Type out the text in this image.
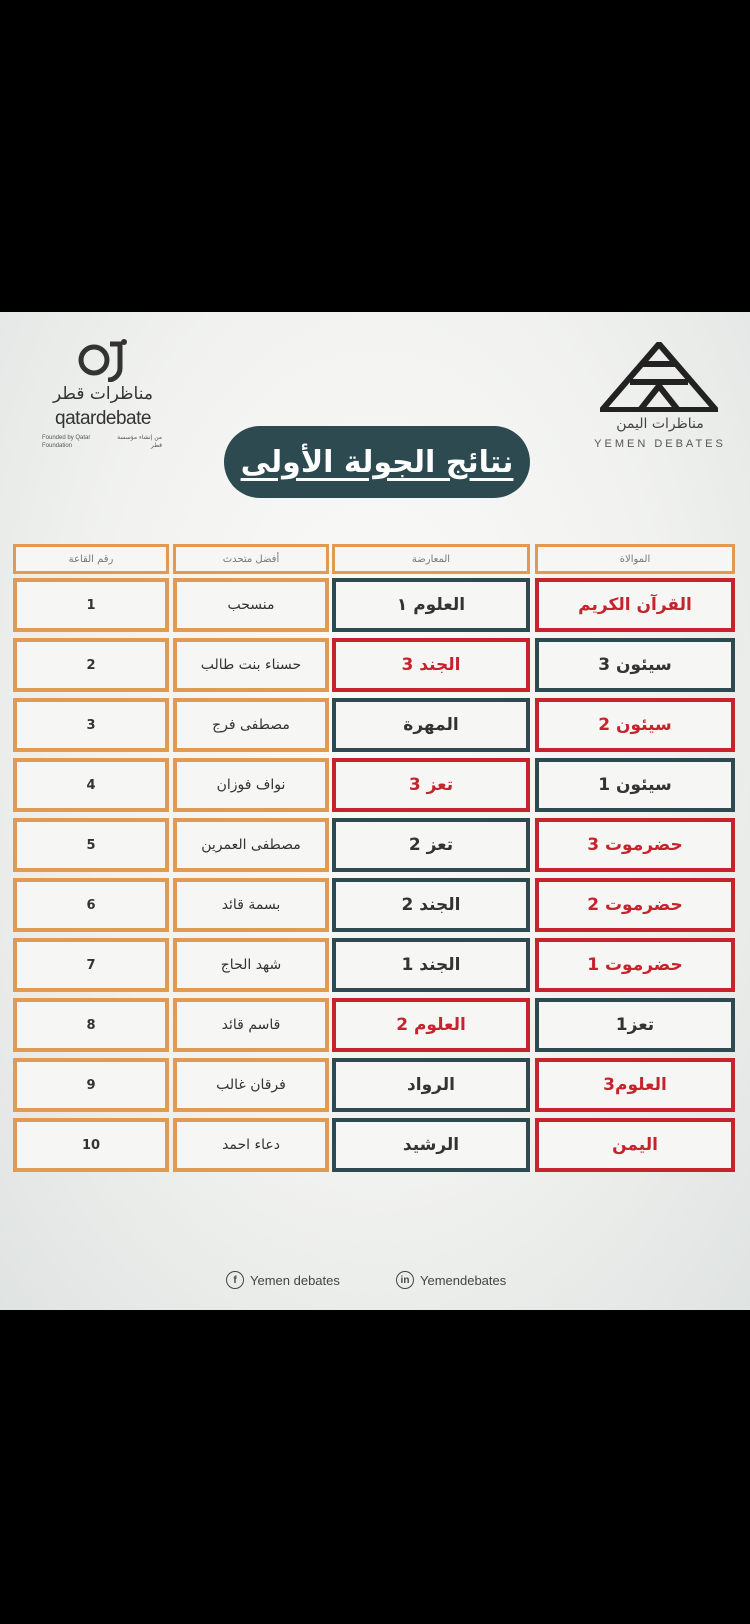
مناظرات قطر
qatardebate
Founded by Qatar Foundation
من إنشاء مؤسسة قطر
مناظرات اليمن
YEMEN DEBATES
نتائج الجولة الأولى
رقم القاعة	أفضل متحدث	المعارضة	الموالاة
1	منسحب	العلوم ١	القرآن الكريم
2	حسناء بنت طالب	الجند 3	سيئون 3
3	مصطفى فرج	المهرة	سيئون 2
4	نواف فوزان	تعز 3	سيئون 1
5	مصطفى العمرين	تعز 2	حضرموت 3
6	بسمة قائد	الجند 2	حضرموت 2
7	شهد الحاج	الجند 1	حضرموت 1
8	قاسم قائد	العلوم 2	تعز1
9	فرقان غالب	الرواد	العلوم3
10	دعاء احمد	الرشيد	اليمن
f	Yemen debates	in Yemendebates
